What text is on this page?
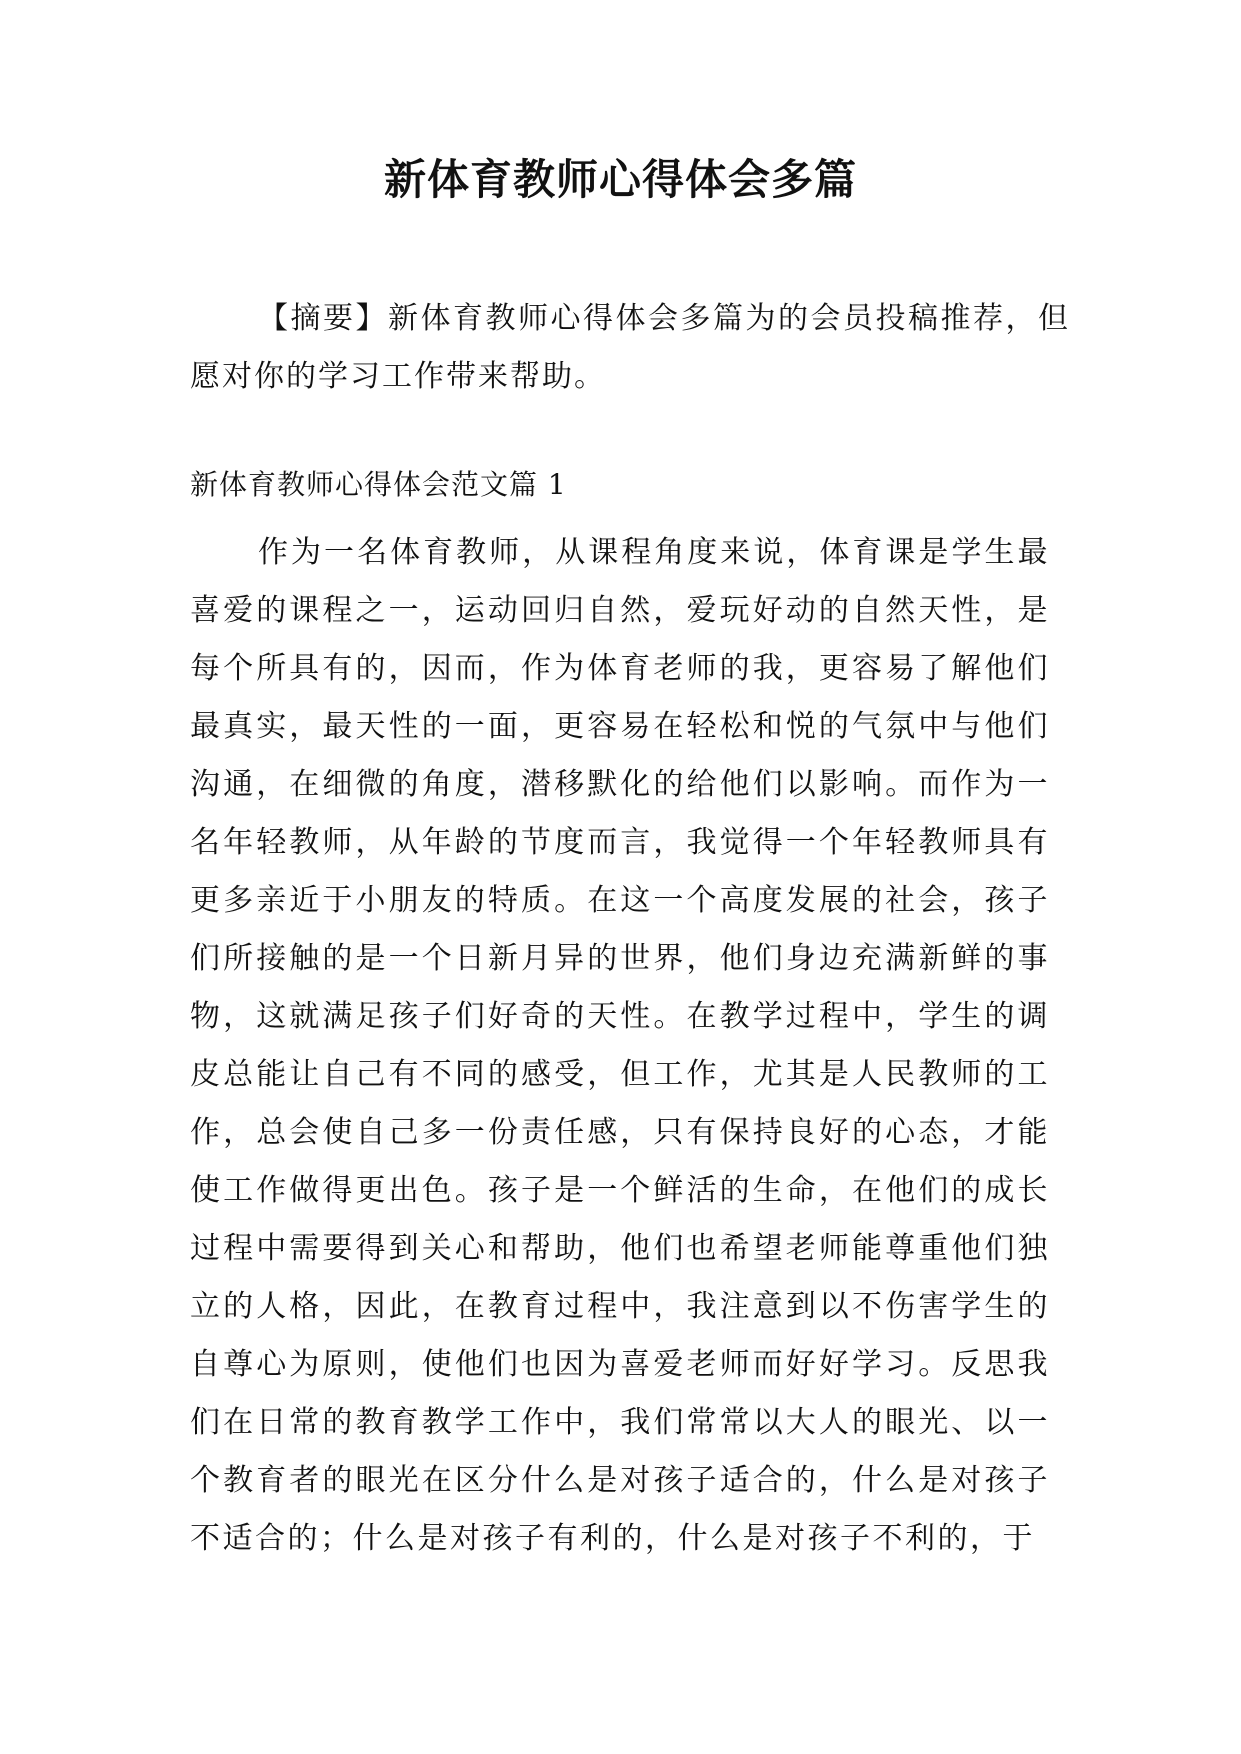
新体育教师心得体会多篇

【摘要】新体育教师心得体会多篇为的会员投稿推荐，但愿对你的学习工作带来帮助。

新体育教师心得体会范文篇 1

作为一名体育教师，从课程角度来说，体育课是学生最喜爱的课程之一，运动回归自然，爱玩好动的自然天性，是每个所具有的，因而，作为体育老师的我，更容易了解他们最真实，最天性的一面，更容易在轻松和悦的气氛中与他们沟通，在细微的角度，潜移默化的给他们以影响。而作为一名年轻教师，从年龄的节度而言，我觉得一个年轻教师具有更多亲近于小朋友的特质。在这一个高度发展的社会，孩子们所接触的是一个日新月异的世界，他们身边充满新鲜的事物，这就满足孩子们好奇的天性。在教学过程中，学生的调皮总能让自己有不同的感受，但工作，尤其是人民教师的工作，总会使自己多一份责任感，只有保持良好的心态，才能使工作做得更出色。孩子是一个鲜活的生命，在他们的成长过程中需要得到关心和帮助，他们也希望老师能尊重他们独立的人格，因此，在教育过程中，我注意到以不伤害学生的自尊心为原则，使他们也因为喜爱老师而好好学习。反思我们在日常的教育教学工作中，我们常常以大人的眼光、以一个教育者的眼光在区分什么是对孩子适合的，什么是对孩子不适合的；什么是对孩子有利的，什么是对孩子不利的，于
